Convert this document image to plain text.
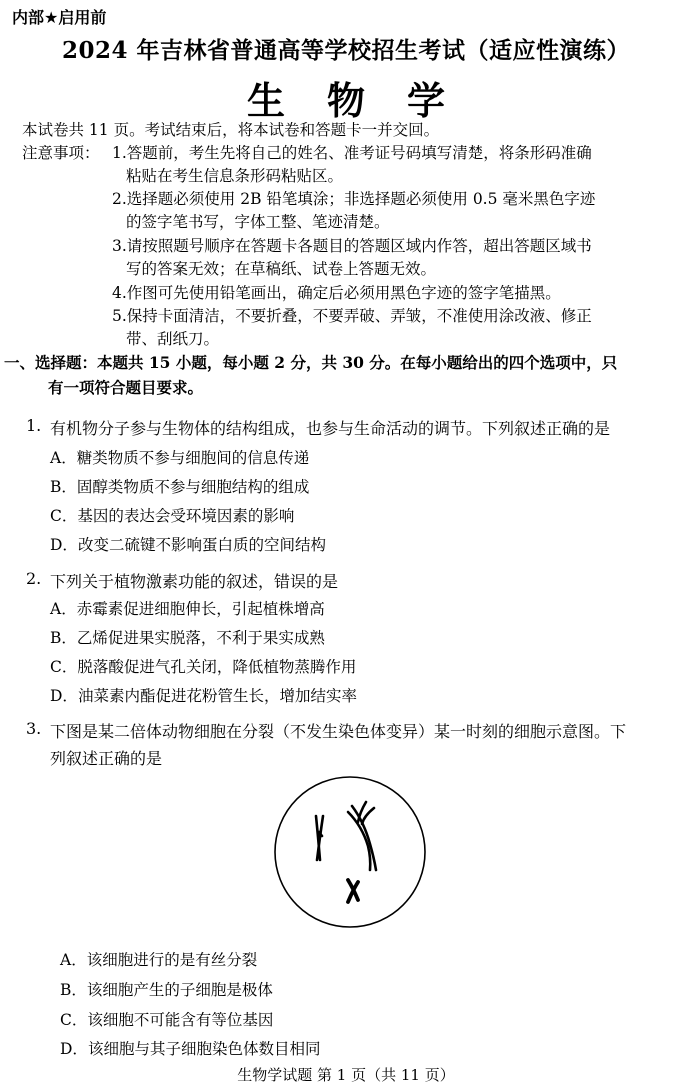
内部★启用前
2024 年吉林省普通高等学校招生考试（适应性演练）
生物学
本试卷共 11 页。考试结束后，将本试卷和答题卡一并交回。
注意事项： 1.答题前，考生先将自己的姓名、准考证号码填写清楚，将条形码准确
粘贴在考生信息条形码粘贴区。
2.选择题必须使用 2B 铅笔填涂；非选择题必须使用 0.5 毫米黑色字迹
的签字笔书写，字体工整、笔迹清楚。
3.请按照题号顺序在答题卡各题目的答题区域内作答，超出答题区域书
写的答案无效；在草稿纸、试卷上答题无效。
4.作图可先使用铅笔画出，确定后必须用黑色字迹的签字笔描黑。
5.保持卡面清洁，不要折叠，不要弄破、弄皱，不准使用涂改液、修正
带、刮纸刀。
一、选择题：本题共 15 小题，每小题 2 分，共 30 分。在每小题给出的四个选项中，只
有一项符合题目要求。
1. 有机物分子参与生物体的结构组成，也参与生命活动的调节。下列叙述正确的是
A．糖类物质不参与细胞间的信息传递
B．固醇类物质不参与细胞结构的组成
C．基因的表达会受环境因素的影响
D．改变二硫键不影响蛋白质的空间结构
2. 下列关于植物激素功能的叙述，错误的是
A．赤霉素促进细胞伸长，引起植株增高
B．乙烯促进果实脱落，不利于果实成熟
C．脱落酸促进气孔关闭，降低植物蒸腾作用
D．油菜素内酯促进花粉管生长，增加结实率
3. 下图是某二倍体动物细胞在分裂（不发生染色体变异）某一时刻的细胞示意图。下
列叙述正确的是
A．该细胞进行的是有丝分裂
B．该细胞产生的子细胞是极体
C．该细胞不可能含有等位基因
D．该细胞与其子细胞染色体数目相同
生物学试题 第 1 页（共 11 页）
